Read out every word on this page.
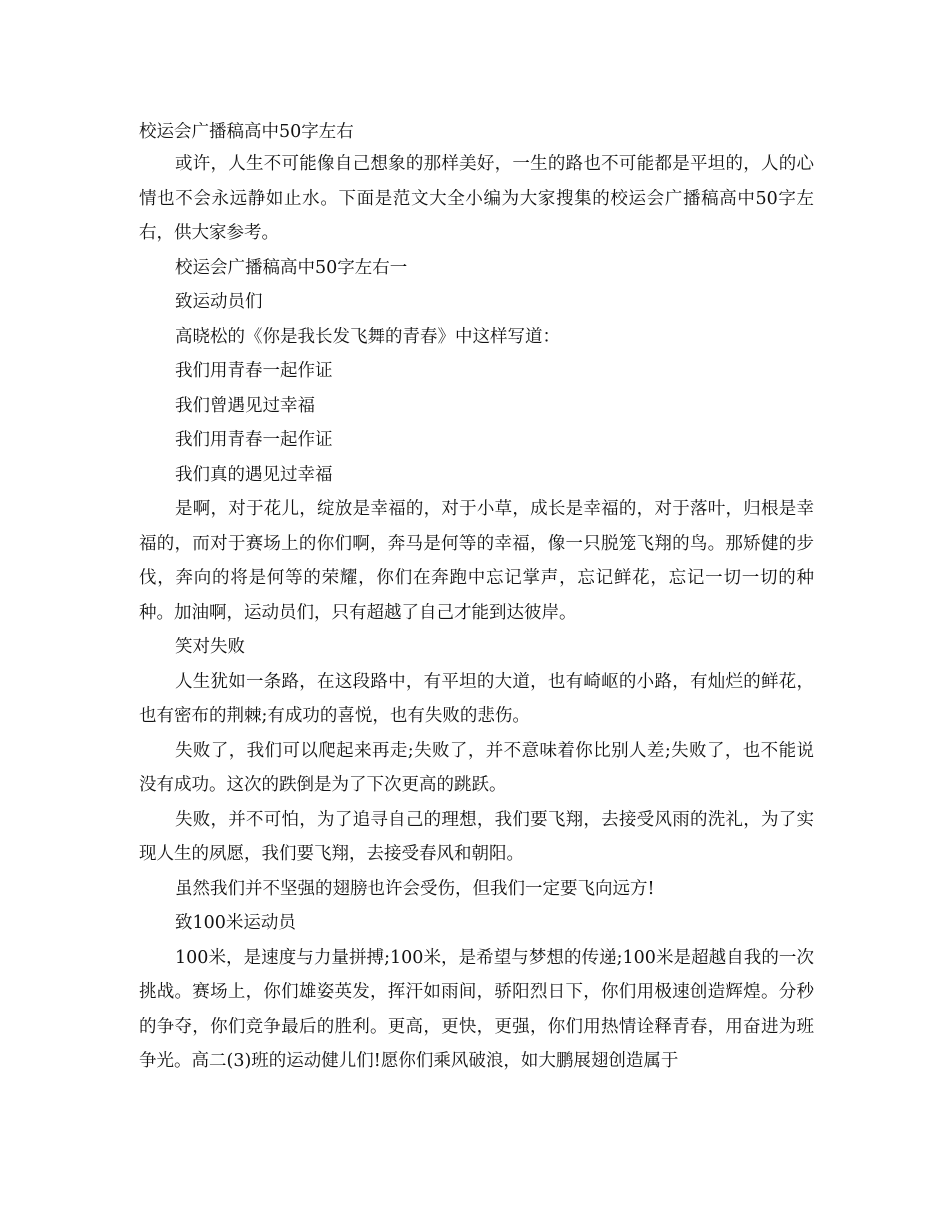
校运会广播稿高中50字左右

或许，人生不可能像自己想象的那样美好，一生的路也不可能都是平坦的，人的心情也不会永远静如止水。下面是范文大全小编为大家搜集的校运会广播稿高中50字左右，供大家参考。

校运会广播稿高中50字左右一

致运动员们

高晓松的《你是我长发飞舞的青春》中这样写道：

我们用青春一起作证

我们曾遇见过幸福

我们用青春一起作证

我们真的遇见过幸福

是啊，对于花儿，绽放是幸福的，对于小草，成长是幸福的，对于落叶，归根是幸福的，而对于赛场上的你们啊，奔马是何等的幸福，像一只脱笼飞翔的鸟。那矫健的步伐，奔向的将是何等的荣耀，你们在奔跑中忘记掌声，忘记鲜花，忘记一切一切的种种。加油啊，运动员们，只有超越了自己才能到达彼岸。

笑对失败

人生犹如一条路，在这段路中，有平坦的大道，也有崎岖的小路，有灿烂的鲜花，也有密布的荆棘;有成功的喜悦，也有失败的悲伤。

失败了，我们可以爬起来再走;失败了，并不意味着你比别人差;失败了，也不能说没有成功。这次的跌倒是为了下次更高的跳跃。

失败，并不可怕，为了追寻自己的理想，我们要飞翔，去接受风雨的洗礼，为了实现人生的夙愿，我们要飞翔，去接受春风和朝阳。

虽然我们并不坚强的翅膀也许会受伤，但我们一定要飞向远方!

致100米运动员

100米，是速度与力量拼搏;100米，是希望与梦想的传递;100米是超越自我的一次挑战。赛场上，你们雄姿英发，挥汗如雨间，骄阳烈日下，你们用极速创造辉煌。分秒的争夺，你们竞争最后的胜利。更高，更快，更强，你们用热情诠释青春，用奋进为班争光。高二(3)班的运动健儿们!愿你们乘风破浪，如大鹏展翅创造属于
